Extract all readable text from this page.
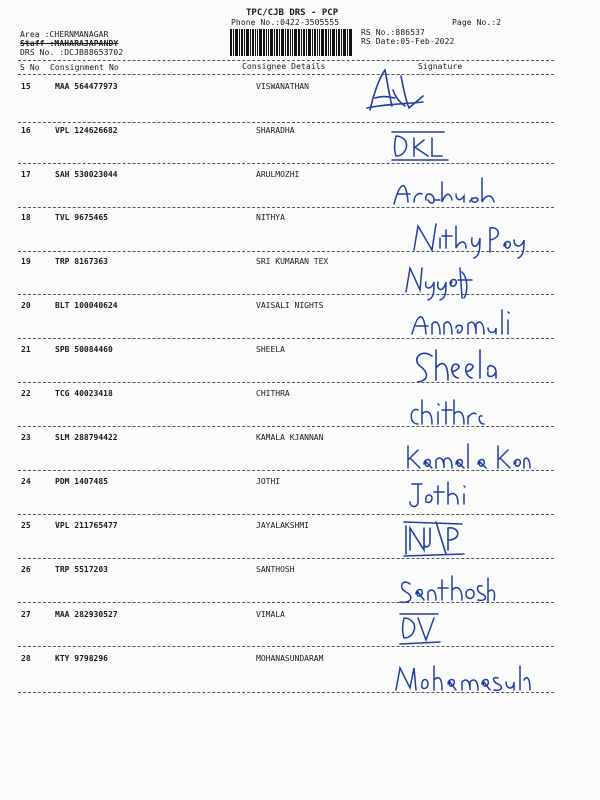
TPC/CJB DRS - PCP
Phone No.:0422-3505555
Area :CHERNMANAGAR
Staff :MAHARAJAPANDY
DRS No. :DCJB88653702
RS No.:886537
RS Date:05-Feb-2022
Page No.:2
S No Consignment No	Consignee Details	Signature
15	MAA 564477973	VISWANATHAN
16	VPL 124626682	SHARADHA
17	SAH 530023044	ARULMOZHI
18	TVL 9675465	NITHYA
19	TRP 8167363	SRI KUMARAN TEX
20	BLT 100040624	VAISALI NIGHTS
21	SPB 50084460	SHEELA
22	TCG 40023418	CHITHRA
23	SLM 288794422	KAMALA KJANNAN
24	PDM 1407485	JOTHI
25	VPL 211765477	JAYALAKSHMI
26	TRP 5517203	SANTHOSH
27	MAA 282930527	VIMALA
28	KTY 9798296	MOHANASUNDARAM
